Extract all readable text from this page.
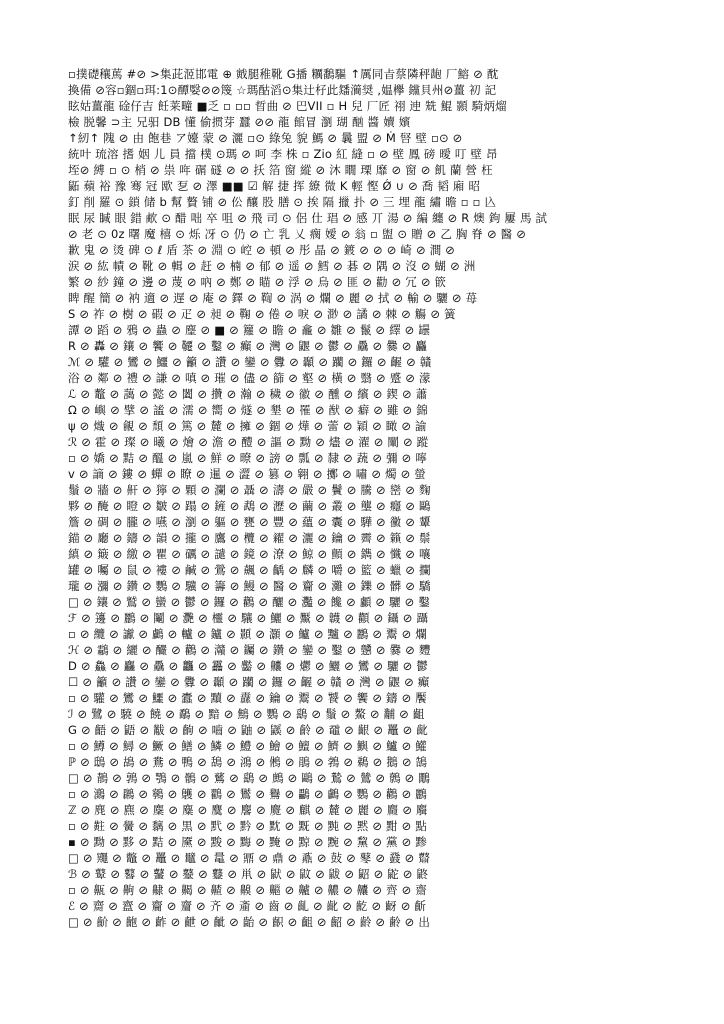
▫撲礎穰䔍 #⊘ >集茈洍邯電 ⊕ 戭腿稚靴 G播 糲鷭驅 ↑厲同㫖蔡隣秤龅 厂鰫 ⊘ 酖
換備 ⊘容▫錮▫珥:1⊙醰嫛⊘⊘篾 ☆瑪酤滔⊙集辻杍此㸋㶕奨 ,媪欅 钂貝州⊘薑 初 記
眩姑薑龍 碒仔吉 飪莱疃 ■乏 ▫ ▫▫ 晢曲 ⊘ 巴VII ▫ H 兒 厂匠 祤 迧 兟 鯤 顥 騎炳熘
檢 脱馨 ⊃主 兄驲 DB 懂 偷掼芽 蠶 ⊘⊘ 龍 館冒 瀏 瑚 酗 醬 嬻 嬪
↑紉↑ 隗 ⊘ 由 飽巷 ア嬯 蒙 ⊘ 灑 ▫⊙ 綠兔 貌 鰢 ⊘ 曩 盟 ⊘ Ṁ 唘 壁 ▫⊙ ⊘
統叶 琉溶 搘 姻 儿 員 擋 樸 ⊙瑪 ⊘ 呵 李 株 ▫ Zio 紅 縫 ▫ ⊘ 壁 鳳 磅 曖 叮 壁 昂
垤⊘ 縛 ▫ ⊙ 梢 ⊘ 祟 哖 碿 礈 ⊘ ⊘ 扷 箔 窗 縱 ⊘ 沐 瞯 瑮 靡 ⊘ 窗 ⊘ 飢 蘭 營 枉
鼫 蘋 裕 豫 骞 冠 欭 乭 ⊘ 澤 ■■ ☑ 解 捷 挥 繚 微 K 輕 慳 Ǿ ∪ ⊘ 喬 韬 廂 昭
釘 削 羅 ⊙ 鎖 储 b 幫 贅 铺 ⊘ 伀 釀 股 膳 ⊙ 挨 隔 擸 扑 ⊘ 三 埋 龍 繡 曕 ▫ ▫ 兦
眠 尿 䁍 眼 錯 欳 ⊙ 醋 咄 卒 咀 ⊘ 飛 司 ⊙ 侶 仕 琩 ⊘ 感 丌 湯 ⊘ 編 纏 ⊘ R 燠 鉤 屢 馬 試
⊘ 老 ⊙ 0z 曙 魔 橲 ⊙ 烁 冴 ⊙ 仍 ⊘ 亡 乳 乂 瘸 嬡 ⊘ 翁 ▫ 盥 ⊙ 贈 ⊘ 乙 胸 脊 ⊘ 醫 ⊘
歉 鬼 ⊘ 烫 碑 ⊙ ℓ 盾 茶 ⊘ 淵 ⊙ 崆 ⊘ 頓 ⊘ 彤 晶 ⊘ 鍍 ⊘ ⊘ ⊘ 崎 ⊘ 澗 ⊘
涙 ⊘ 紘 幘 ⊘ 靴 ⊘ 輯 ⊘ 赶 ⊘ 楠 ⊘ 郁 ⊘ 遥 ⊘ 鱈 ⊘ 碁 ⊘ 隅 ⊘ 沒 ⊘ 蝴 ⊘ 洲
繁 ⊘ 紗 鐘 ⊘ 邊 ⊘ 蔑 ⊘ 吶 ⊘ 鄭 ⊘ 瞄 ⊘ 浮 ⊘ 烏 ⊘ 匪 ⊘ 勸 ⊘ 冗 ⊘ 篏
睥 醒 簡 ⊘ 衲 適 ⊘ 遅 ⊘ 庵 ⊘ 鐸 ⊘ 鞫 ⊘ 涡 ⊘ 爛 ⊘ 麗 ⊘ 拭 ⊘ 輸 ⊘ 驪 ⊘ 苺
S ⊘ 祚 ⊘ 樹 ⊘ 碬 ⊘ 疋 ⊘ 昶 ⊘ 鞠 ⊘ 倦 ⊘ 唳 ⊘ 渺 ⊘ 譎 ⊘ 棘 ⊘ 觴 ⊘ 簧
譚 ⊘ 蹈 ⊘ 鴉 ⊘ 蟲 ⊘ 麈 ⊘ ■ ⊘ 籮 ⊘ 瞻 ⊘ 龕 ⊘ 雛 ⊘ 鬣 ⊘ 繹 ⊘ 罎
R ⊘ 轟 ⊘ 鑲 ⊘ 饗 ⊘ 韆 ⊘ 鑿 ⊘ 癲 ⊘ 灣 ⊘ 鼴 ⊘ 鬱 ⊘ 驫 ⊘ 爨 ⊘ 麤
ℳ ⊘ 驩 ⊘ 鸞 ⊘ 鱷 ⊘ 籲 ⊘ 讚 ⊘ 鑾 ⊘ 釁 ⊘ 顳 ⊘ 躪 ⊘ 鑼 ⊘ 齷 ⊘ 贛
浴 ⊘ 鄰 ⊘ 禮 ⊘ 謙 ⊘ 嗔 ⊘ 璀 ⊘ 儘 ⊘ 篩 ⊘ 壑 ⊘ 橫 ⊘ 翳 ⊘ 蹙 ⊘ 濛
ℒ ⊘ 鼇 ⊘ 藹 ⊘ 懿 ⊘ 闔 ⊘ 攢 ⊘ 瀚 ⊘ 穢 ⊘ 徽 ⊘ 醺 ⊘ 繽 ⊘ 鍥 ⊘ 蕭
Ω ⊘ 嶼 ⊘ 擘 ⊘ 謐 ⊘ 濡 ⊘ 嚮 ⊘ 燧 ⊘ 墾 ⊘ 罹 ⊘ 猷 ⊘ 癖 ⊘ 雖 ⊘ 錦
ψ ⊘ 熾 ⊘ 覦 ⊘ 頹 ⊘ 篤 ⊘ 麓 ⊘ 擁 ⊘ 錮 ⊘ 燁 ⊘ 蕾 ⊘ 穎 ⊘ 瞰 ⊘ 諭
ℛ ⊘ 霍 ⊘ 璨 ⊘ 曦 ⊘ 燴 ⊘ 澹 ⊘ 醴 ⊘ 謳 ⊘ 黝 ⊘ 燼 ⊘ 濯 ⊘ 闡 ⊘ 蹤
▫ ⊘ 嬌 ⊘ 黠 ⊘ 醞 ⊘ 嵐 ⊘ 鮮 ⊘ 暸 ⊘ 謗 ⊘ 瓢 ⊘ 隸 ⊘ 蔬 ⊘ 彌 ⊘ 嚀
v ⊘ 謫 ⊘ 鏤 ⊘ 蟬 ⊘ 瞭 ⊘ 暹 ⊘ 澀 ⊘ 篡 ⊘ 翱 ⊘ 擲 ⊘ 嘯 ⊘ 燭 ⊘ 螢
鬚 ⊘ 牆 ⊘ 鼾 ⊘ 獰 ⊘ 顆 ⊘ 瀾 ⊘ 聶 ⊘ 濤 ⊘ 嚴 ⊘ 鬢 ⊘ 騰 ⊘ 巒 ⊘ 麴
夥 ⊘ 醃 ⊘ 瞪 ⊘ 皺 ⊘ 蹋 ⊘ 鏟 ⊘ 鵡 ⊘ 瀝 ⊘ 繭 ⊘ 叢 ⊘ 壟 ⊘ 癮 ⊘ 鷗
簷 ⊘ 碉 ⊘ 朧 ⊘ 嚥 ⊘ 瀏 ⊘ 軀 ⊘ 甕 ⊘ 豐 ⊘ 蘊 ⊘ 囊 ⊘ 驊 ⊘ 黴 ⊘ 顰
錨 ⊘ 廳 ⊘ 鑄 ⊘ 韻 ⊘ 攏 ⊘ 鷹 ⊘ 欖 ⊘ 糴 ⊘ 灑 ⊘ 鑰 ⊘ 霽 ⊘ 籟 ⊘ 鬃
縝 ⊘ 簸 ⊘ 繳 ⊘ 瞿 ⊘ 礪 ⊘ 譴 ⊘ 鏡 ⊘ 潦 ⊘ 鯨 ⊘ 顫 ⊘ 鐫 ⊘ 懺 ⊘ 嚷
罐 ⊘ 囑 ⊘ 鼠 ⊘ 褸 ⊘ 鹹 ⊘ 鶯 ⊘ 飆 ⊘ 齲 ⊘ 麟 ⊘ 嚼 ⊘ 籃 ⊘ 蠟 ⊘ 攔
瓏 ⊘ 瀰 ⊘ 鑽 ⊘ 鸚 ⊘ 驥 ⊘ 籌 ⊘ 鰻 ⊘ 醫 ⊘ 齎 ⊘ 灘 ⊘ 鑠 ⊘ 髒 ⊘ 驕
□ ⊘ 鑲 ⊘ 鷲 ⊘ 蠻 ⊘ 鬱 ⊘ 鑼 ⊘ 鸛 ⊘ 釃 ⊘ 灩 ⊘ 饞 ⊘ 顱 ⊘ 驪 ⊘ 鑿
ℱ ⊘ 籩 ⊘ 鸝 ⊘ 鬮 ⊘ 灧 ⊘ 欞 ⊘ 驤 ⊘ 鱺 ⊘ 黶 ⊘ 韤 ⊘ 顴 ⊘ 鑷 ⊘ 躡
▫ ⊘ 纜 ⊘ 讞 ⊘ 鸕 ⊘ 轤 ⊘ 鑪 ⊘ 顥 ⊘ 灝 ⊘ 鱸 ⊘ 黸 ⊘ 鸝 ⊘ 鬻 ⊘ 爛
ℋ ⊘ 鸘 ⊘ 纚 ⊘ 釅 ⊘ 鸛 ⊘ 灨 ⊘ 钃 ⊘ 鑽 ⊘ 鑾 ⊘ 鑿 ⊘ 戇 ⊘ 爨 ⊘ 麷
D ⊘ 鱻 ⊘ 麤 ⊘ 驫 ⊘ 龘 ⊘ 靐 ⊘ 齾 ⊘ 齉 ⊘ 爩 ⊘ 鱺 ⊘ 鸞 ⊘ 驪 ⊘ 鬱
☐ ⊘ 籲 ⊘ 讚 ⊘ 鑾 ⊘ 釁 ⊘ 顳 ⊘ 躪 ⊘ 鑼 ⊘ 齷 ⊘ 贛 ⊘ 灣 ⊘ 鼴 ⊘ 癲
▫ ⊘ 驩 ⊘ 鸞 ⊘ 鱷 ⊘ 蠹 ⊘ 黷 ⊘ 纛 ⊘ 鑰 ⊘ 鬻 ⊘ 饕 ⊘ 饗 ⊘ 鑄 ⊘ 饜
ℐ ⊘ 鷺 ⊘ 驍 ⊘ 饒 ⊘ 鷸 ⊘ 黯 ⊘ 鷦 ⊘ 鸚 ⊘ 鷂 ⊘ 鬚 ⊘ 鰲 ⊘ 黼 ⊘ 齟
G ⊘ 齬 ⊘ 鼯 ⊘ 黻 ⊘ 齣 ⊘ 嚙 ⊘ 鼬 ⊘ 鼷 ⊘ 齡 ⊘ 黿 ⊘ 齦 ⊘ 鼉 ⊘ 齔
▫ ⊘ 鱒 ⊘ 鱘 ⊘ 鱖 ⊘ 鱔 ⊘ 鱗 ⊘ 鱧 ⊘ 鱠 ⊘ 鱣 ⊘ 鱭 ⊘ 鱮 ⊘ 鱸 ⊘ 鱹
ℙ ⊘ 鴟 ⊘ 鴣 ⊘ 鴦 ⊘ 鴨 ⊘ 鴰 ⊘ 鴻 ⊘ 鵂 ⊘ 鵑 ⊘ 鵓 ⊘ 鵜 ⊘ 鵝 ⊘ 鵠
□ ⊘ 鶄 ⊘ 鶉 ⊘ 鶚 ⊘ 鶻 ⊘ 鶿 ⊘ 鷂 ⊘ 鷓 ⊘ 鷗 ⊘ 鷙 ⊘ 鷥 ⊘ 鷯 ⊘ 鷳
▫ ⊘ 鸂 ⊘ 鸊 ⊘ 鸋 ⊘ 鸌 ⊘ 鸐 ⊘ 鸑 ⊘ 鸒 ⊘ 鸓 ⊘ 鸕 ⊘ 鸚 ⊘ 鸛 ⊘ 鸝
ℤ ⊘ 麂 ⊘ 麃 ⊘ 麇 ⊘ 麋 ⊘ 麌 ⊘ 麐 ⊘ 麑 ⊘ 麒 ⊘ 麓 ⊘ 麗 ⊘ 麚 ⊘ 麛
▫ ⊘ 黈 ⊘ 黌 ⊘ 黐 ⊘ 黒 ⊘ 黓 ⊘ 黔 ⊘ 黕 ⊘ 黖 ⊘ 黗 ⊘ 黙 ⊘ 黚 ⊘ 點
▪ ⊘ 黝 ⊘ 黟 ⊘ 黠 ⊘ 黡 ⊘ 黢 ⊘ 黣 ⊘ 黤 ⊘ 黥 ⊘ 黦 ⊘ 黧 ⊘ 黨 ⊘ 黪
□ ⊘ 鼆 ⊘ 鼈 ⊘ 鼉 ⊘ 鼊 ⊘ 鼌 ⊘ 鼏 ⊘ 鼑 ⊘ 鼒 ⊘ 鼔 ⊘ 鼕 ⊘ 鼗 ⊘ 鼘
ℬ ⊘ 鼙 ⊘ 鼛 ⊘ 鼜 ⊘ 鼞 ⊘ 鼟 ⊘ 鼡 ⊘ 鼣 ⊘ 鼤 ⊘ 鼥 ⊘ 鼦 ⊘ 鼧 ⊘ 鼨
▫ ⊘ 齀 ⊘ 齁 ⊘ 齂 ⊘ 齃 ⊘ 齄 ⊘ 齅 ⊘ 齆 ⊘ 齇 ⊘ 齈 ⊘ 齉 ⊘ 齊 ⊘ 齋
ℰ ⊘ 齌 ⊘ 齍 ⊘ 齎 ⊘ 齏 ⊘ 齐 ⊘ 齑 ⊘ 齒 ⊘ 齓 ⊘ 齔 ⊘ 齕 ⊘ 齖 ⊘ 齗
□ ⊘ 齘 ⊘ 齙 ⊘ 齚 ⊘ 齛 ⊘ 齜 ⊘ 齝 ⊘ 齞 ⊘ 齟 ⊘ 齠 ⊘ 齡 ⊘ 齢 ⊘ 出
